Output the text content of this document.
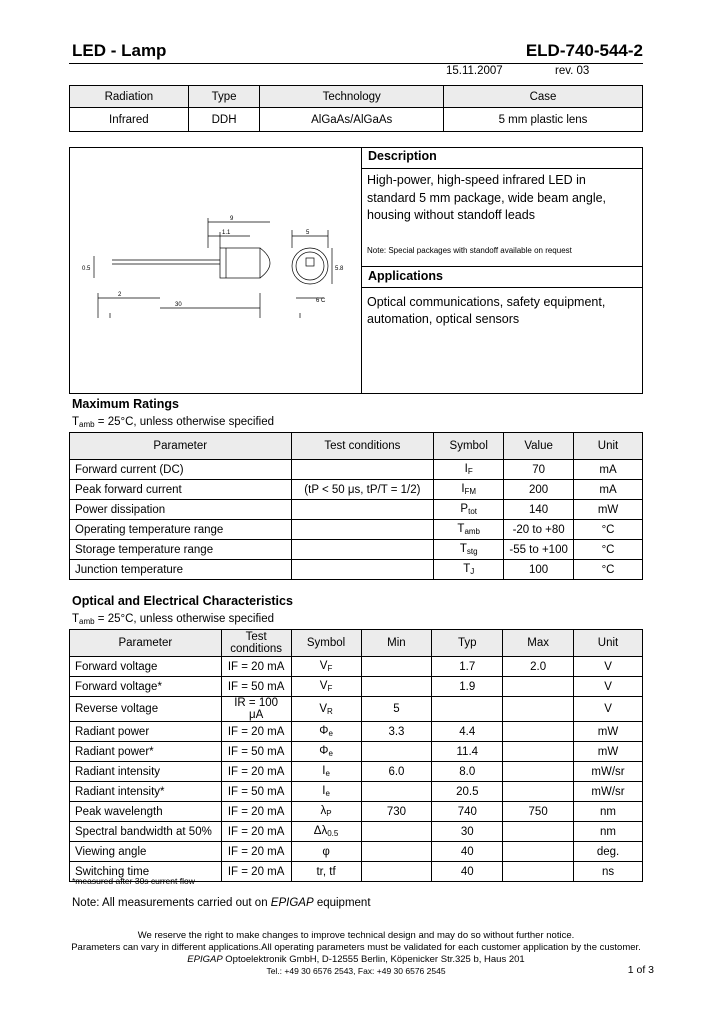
LED - Lamp	ELD-740-544-2
15.11.2007	rev. 03
Radiation	Type	Technology	Case
Infrared	DDH	AlGaAs/AlGaAs	5 mm plastic lens
9
1.1
2
30
5
5.8
0.5
6 C
Description
High-power, high-speed infrared LED in
standard 5 mm package, wide beam angle,
housing without standoff leads
Note: Special packages with standoff available on request
Applications
Optical communications, safety equipment,
automation, optical sensors
Maximum Ratings
$T_{amb} = 25^\circ C$, unless otherwise specified
Parameter	Test conditions	Symbol	Value	Unit
Forward current (DC)		$I_F$	70	mA
Peak forward current	(tP < 50 μs, tP/T = 1/2)	$I_{FM}$	200	mA
Power dissipation		$P_{tot}$	140	mW
Operating temperature range		$T_{amb}$	-20 to +80	°C
Storage temperature range		$T_{stg}$	-55 to +100	°C
Junction temperature		$T_J$	100	°C
Optical and Electrical Characteristics
$T_{amb} = 25^\circ C$, unless otherwise specified
Parameter	Test conditions	Symbol	Min	Typ	Max	Unit
Forward voltage	IF = 20 mA	$V_F$		1.7	2.0	V
Forward voltage*	IF = 50 mA	$V_F$		1.9		V
Reverse voltage	IR = 100 μA	$V_R$	5			V
Radiant power	IF = 20 mA	$\Phi_e$	3.3	4.4		mW
Radiant power*	IF = 50 mA	$\Phi_e$		11.4		mW
Radiant intensity	IF = 20 mA	$I_e$	6.0	8.0		mW/sr
Radiant intensity*	IF = 50 mA	$I_e$		20.5		mW/sr
Peak wavelength	IF = 20 mA	$\lambda_P$	730	740	750	nm
Spectral bandwidth at 50%	IF = 20 mA	$\Delta\lambda_{0.5}$		30		nm
Viewing angle	IF = 20 mA	φ		40		deg.
Switching time	IF = 20 mA	tr, tf		40		ns
*measured after 30s current flow
Note: All measurements carried out on EPIGAP equipment
We reserve the right to make changes to improve technical design and may do so without further notice.
Parameters can vary in different applications.All operating parameters must be validated for each customer application by the customer.
EPIGAP Optoelektronik GmbH, D-12555 Berlin, Köpenicker Str.325 b, Haus 201
Tel.: +49 30 6576 2543, Fax: +49 30 6576 2545	1 of 3
